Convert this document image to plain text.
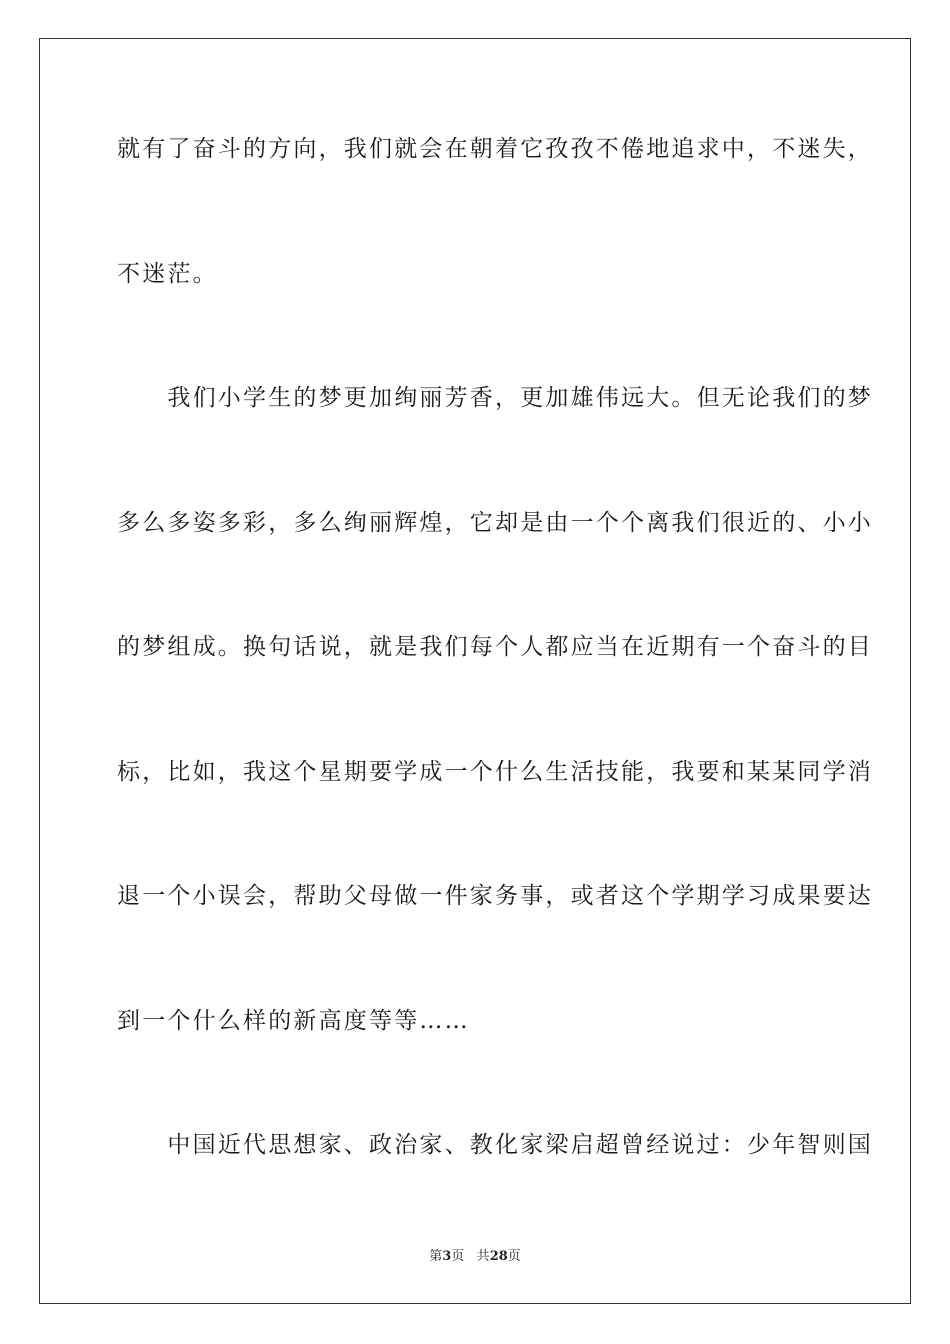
就有了奋斗的方向，我们就会在朝着它孜孜不倦地追求中，不迷失，
不迷茫。
　　我们小学生的梦更加绚丽芳香，更加雄伟远大。但无论我们的梦
多么多姿多彩，多么绚丽辉煌，它却是由一个个离我们很近的、小小
的梦组成。换句话说，就是我们每个人都应当在近期有一个奋斗的目
标，比如，我这个星期要学成一个什么生活技能，我要和某某同学消
退一个小误会，帮助父母做一件家务事，或者这个学期学习成果要达
到一个什么样的新高度等等……
　　中国近代思想家、政治家、教化家梁启超曾经说过：少年智则国
第3页 共28页
